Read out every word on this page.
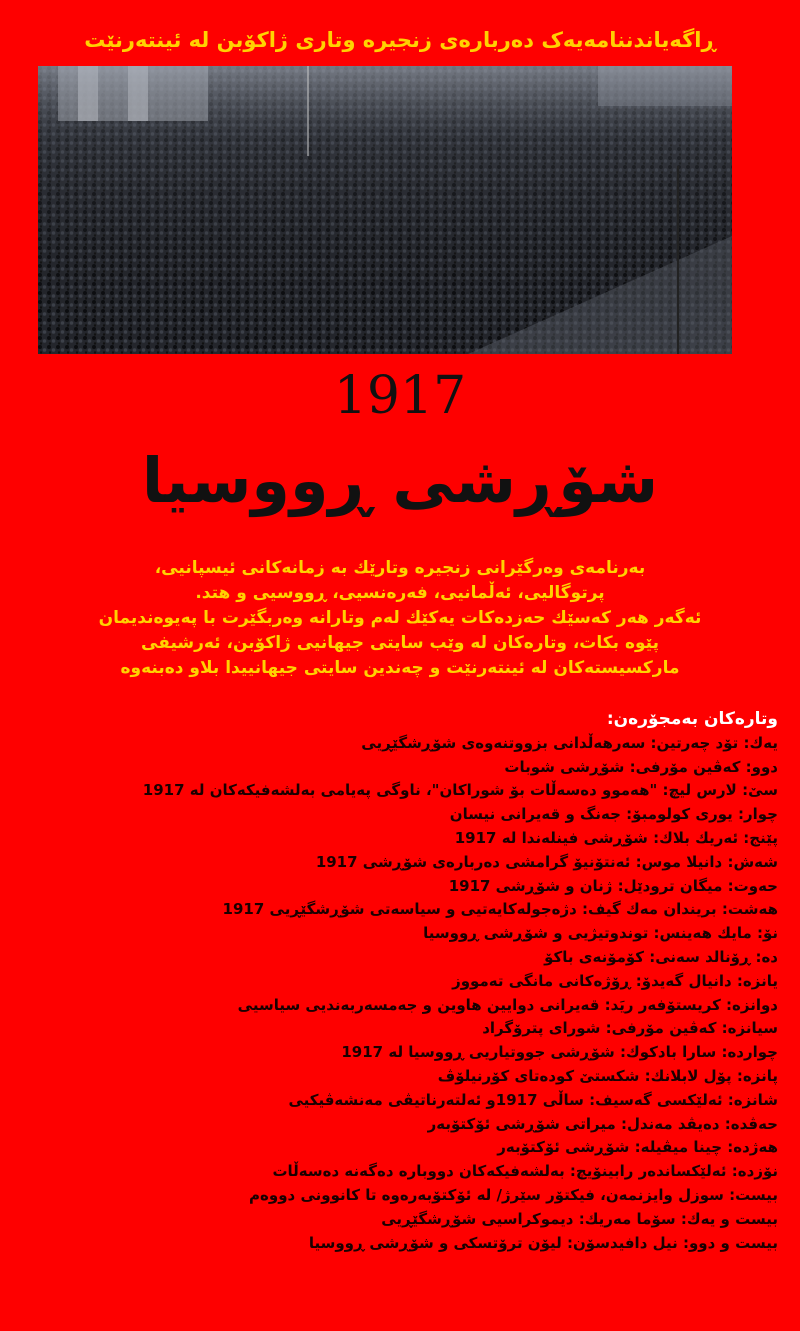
ڕاگەیاندننامەیەک دەربارەی زنجیرە وتاری ژاکۆبن لە ئینتەرنێت
1917
شۆڕشی ڕووسیا
بەرنامەی وەرگێرانی زنجیرە وتارێك بە زمانەكانی ئیسپانیی،
پرتوگالیی، ئەڵمانیی، فەرەنسیی، ڕووسیی و هتد.
ئەگەر هەر كەسێك حەزدەكات یەكێك لەم وتارانە وەربگێرت با پەیوەندیمان
پێوە بكات، وتارەكان لە وێب سایتی جیهانیی ژاكۆبن، ئەرشیفی
ماركسیستەكان لە ئینتەرنێت و چەندین سایتی جیهانییدا بلاو دەبنەوە
وتارەكان بەمجۆرەن:
یەك: تۆد چەرتین: سەرهەڵدانی بزووتنەوەی شۆڕشگێڕیی
دوو: كەڤین مۆرفی: شۆڕشی شوبات
سێ: لارس لیچ: "هەموو دەسەڵات بۆ شوراكان"، ناوگی پەیامی بەلشەفیكەكان لە 1917
چوار: یوری كولومبۆ: جەنگ و قەیرانی نیسان
پێنج: ئەریك بلاك: شۆڕشی فینلەندا لە 1917
شەش: دانیلا موس: ئەنتۆنیۆ گرامشی دەربارەی شۆڕشی 1917
حەوت: میگان ترودێل: ژنان و شۆڕشی 1917
هەشت: بریندان مەك گیف: دژەجولەكایەتیی و سیاسەتی شۆڕشگێڕیی 1917
نۆ: مایك هەینس: توندوتیژیی و شۆڕشی ڕووسیا
دە: ڕۆنالد سەنی: كۆمۆنەی باكۆ
یانزە: دانیال گەیدۆ: ڕۆژەكانی مانگی تەمووز
دوانزە: كریستۆفەر ریَد: قەیرانی دوایین هاوین و جەمسەربەندیی سیاسیی
سیانزە: كەڤین مۆرفی: شورای پترۆگراد
چواردە: سارا بادكوك: شۆڕشی جووتیاریی ڕووسیا لە 1917
پانزە: پۆل لابلانك: شكستێ كودەتای كۆرنیلۆڤ
شانزە: ئەلێكسی گەسیف: ساڵی 1917و ئەلتەرناتیڤی مەنشەڤیكیی
حەڤدە: دەیڤد مەندل: میراتی شۆڕشی ئۆكتۆبەر
هەژدە: چینا میڤیلە: شۆڕشی ئۆكتۆبەر
نۆزدە: ئەلێكساندەر رابینۆیچ: بەلشەفیكەكان دووبارە دەگەنە دەسەڵات
بیست: سوزل وایزنمەن، فیكتۆر سێرژ/ لە ئۆكتۆبەرەوە تا كانوونی دووەم
بیست و یەك: سۆما مەریك: دیموكراسیی شۆڕشگێڕیی
بیست و دوو: نیل دافیدسۆن: لیۆن ترۆتسكی و شۆڕشی ڕووسیا
